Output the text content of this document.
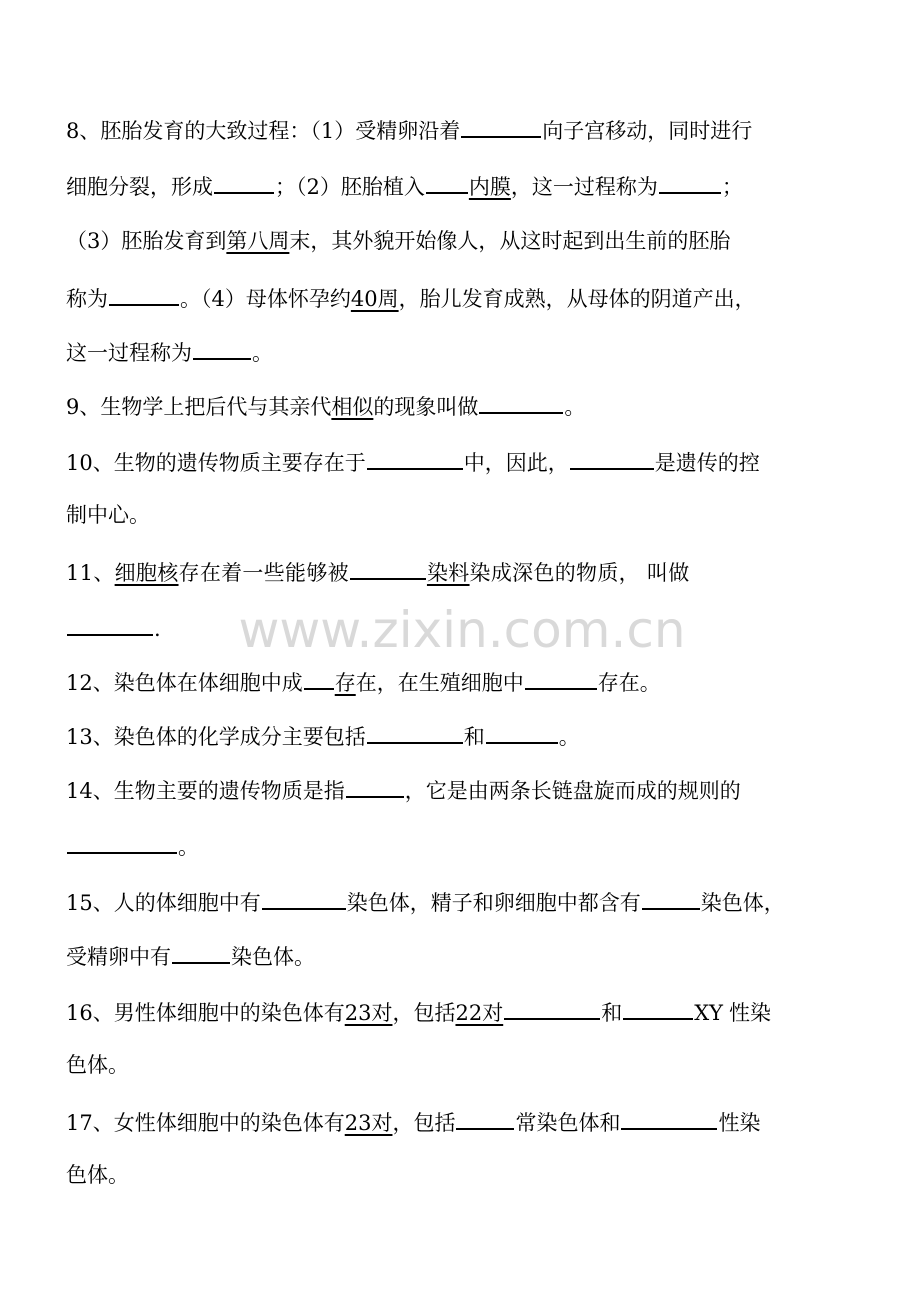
8、胚胎发育的大致过程：（1）受精卵沿着	向子宫移动，同时进行
细胞分裂，形成	；（2）胚胎植入 内膜，这一过程称为	；
（3）胚胎发育到第八周末，其外貌开始像人，从这时起到出生前的胚胎
称为	。（4）母体怀孕约40周，胎儿发育成熟，从母体的阴道产出，
这一过程称为	。
9、生物学上把后代与其亲代相似的现象叫做	。
10、生物的遗传物质主要存在于	中，因此，	是遗传的控
制中心。
11、细胞核存在着一些能够被	染料染成深色的物质， 叫做
.
12、染色体在体细胞中成 存在，在生殖细胞中	存在。
13、染色体的化学成分主要包括	和	。
14、生物主要的遗传物质是指	，它是由两条长链盘旋而成的规则的
。
15、人的体细胞中有	染色体，精子和卵细胞中都含有	染色体，
受精卵中有	染色体。
16、男性体细胞中的染色体有23对，包括22对	和	XY 性染
色体。
17、女性体细胞中的染色体有23对，包括	常染色体和	性染
色体。
www.zixin.com.cn
